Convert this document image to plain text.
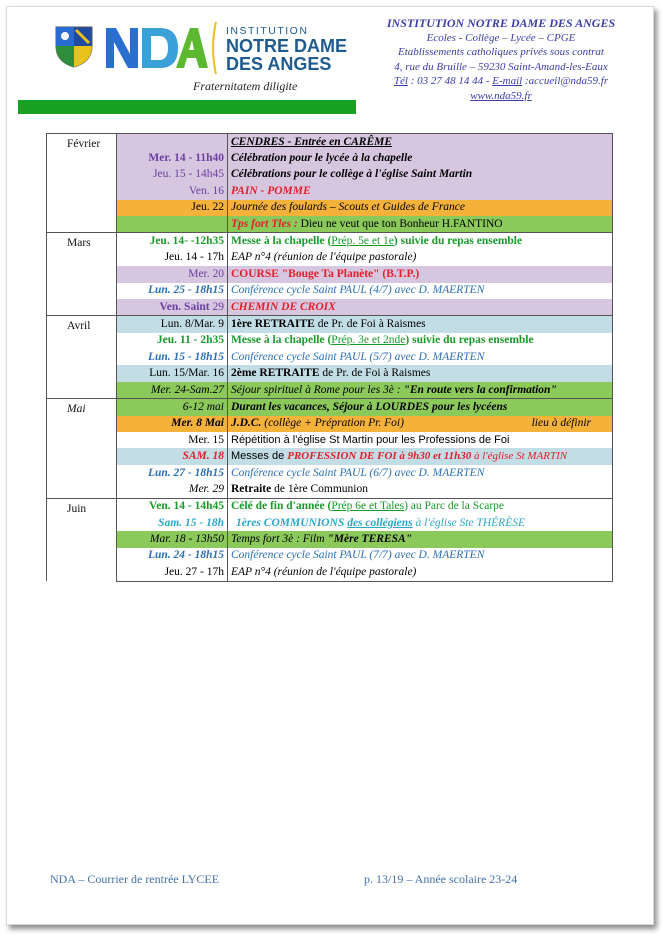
INSTITUTION
NOTRE DAME
DES ANGES
Fraternitatem diligite
INSTITUTION NOTRE DAME DES ANGES
Ecoles - Collège – Lycée – CPGE
Etablissements catholiques privés sous contrat
4, rue du Bruille – 59230 Saint-Amand-les-Eaux
Tél : 03 27 48 14 44 - E-mail :accueil@nda59.fr
www.nda59.fr
Février		CENDRES - Entrée en CARÊME
	Mer. 14 - 11h40	Célébration pour le lycée à la chapelle
	Jeu. 15 - 14h45	Célébrations pour le collège à l'église Saint Martin
	Ven. 16	PAIN - POMME
	Jeu. 22	Journée des foulards – Scouts et Guides de France
		Tps fort Tles : Dieu ne veut que ton Bonheur H.FANTINO
Mars	Jeu. 14- -12h35	Messe à la chapelle (Prép. 5e et 1e) suivie du repas ensemble
	Jeu. 14 - 17h	EAP n°4 (réunion de l'équipe pastorale)
	Mer. 20	COURSE "Bouge Ta Planète" (B.T.P.)
	Lun. 25 - 18h15	Conférence cycle Saint PAUL (4/7) avec D. MAERTEN
	Ven. Saint 29	CHEMIN DE CROIX
Avril	Lun. 8/Mar. 9	1ère RETRAITE de Pr. de Foi à Raismes
	Jeu. 11 - 2h35	Messe à la chapelle (Prép. 3e et 2nde) suivie du repas ensemble
	Lun. 15 - 18h15	Conférence cycle Saint PAUL (5/7) avec D. MAERTEN
	Lun. 15/Mar. 16	2ème RETRAITE de Pr. de Foi à Raismes
	Mer. 24-Sam.27	Séjour spirituel à Rome pour les 3è : "En route vers la confirmation"
Mai	6-12 mai	Durant les vacances, Séjour à LOURDES pour les lycéens
	Mer. 8 Mai	J.D.C. (collège + Prépration Pr. Foi) lieu à définir

	Mer. 15	Répétition à l'église St Martin pour les Professions de Foi
	SAM. 18	Messes de PROFESSION DE FOI à 9h30 et 11h30 à l'église St MARTIN
	Lun. 27 - 18h15	Conférence cycle Saint PAUL (6/7) avec D. MAERTEN
	Mer. 29	Retraite de 1ère Communion
Juin	Ven. 14 - 14h45	Célé de fin d'année (Prép 6e et Tales) au Parc de la Scarpe
	Sam. 15 - 18h	1ères COMMUNIONS des collégiens à l'église Ste THÉRÈSE
	Mar. 18 - 13h50	Temps fort 3è : Film "Mère TERESA"
	Lun. 24 - 18h15	Conférence cycle Saint PAUL (7/7) avec D. MAERTEN
	Jeu. 27 - 17h	EAP n°4 (réunion de l'équipe pastorale)
NDA – Courrier de rentrée LYCEE	p. 13/19 – Année scolaire 23-24
